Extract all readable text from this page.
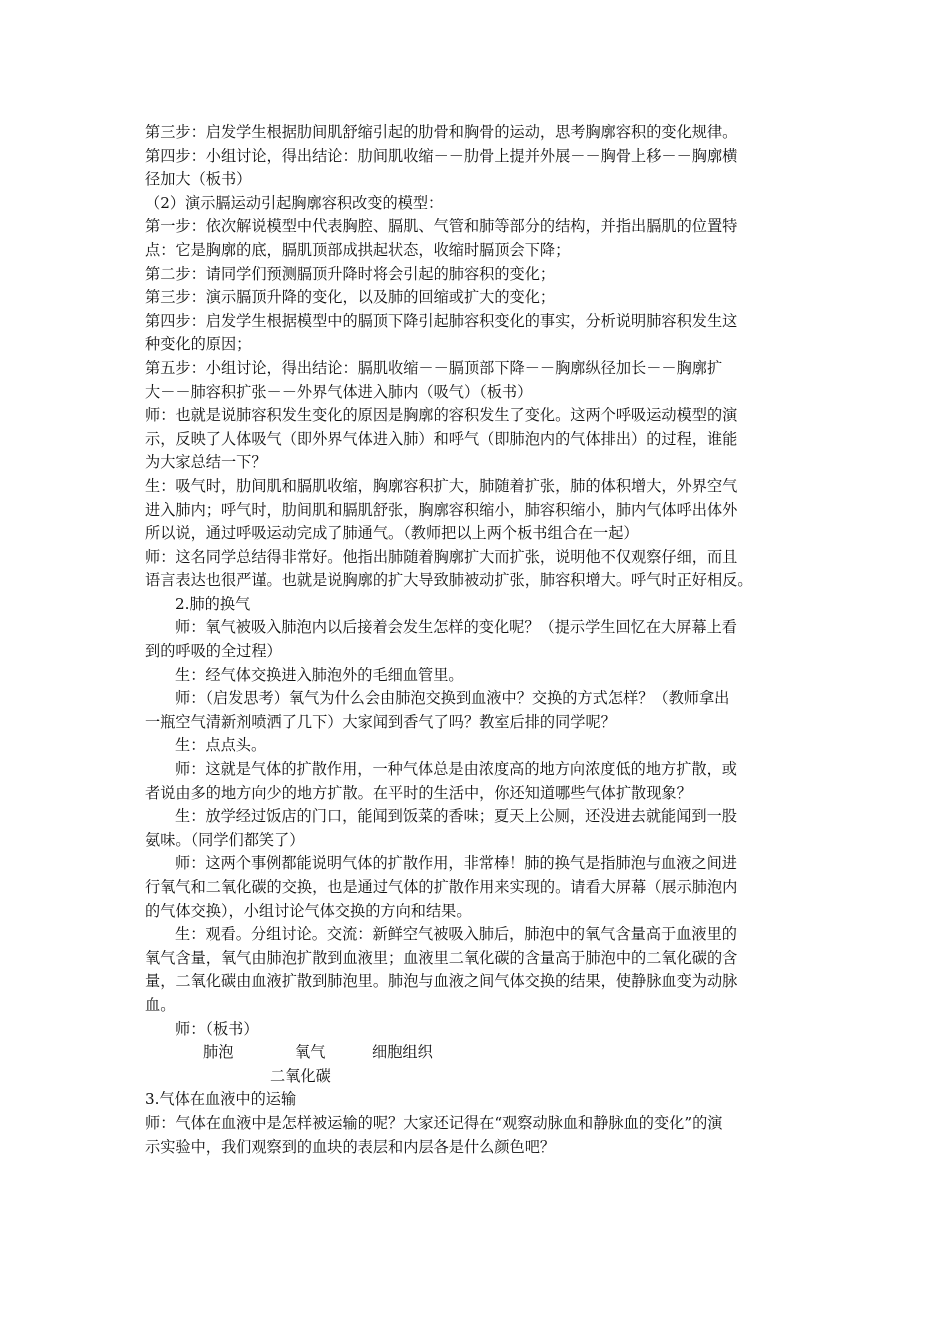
第三步：启发学生根据肋间肌舒缩引起的肋骨和胸骨的运动，思考胸廓容积的变化规律。
第四步：小组讨论，得出结论：肋间肌收缩－－肋骨上提并外展－－胸骨上移－－胸廓横
径加大（板书）
（2）演示膈运动引起胸廓容积改变的模型：
第一步：依次解说模型中代表胸腔、膈肌、气管和肺等部分的结构，并指出膈肌的位置特
点：它是胸廓的底，膈肌顶部成拱起状态，收缩时膈顶会下降；
第二步：请同学们预测膈顶升降时将会引起的肺容积的变化；
第三步：演示膈顶升降的变化，以及肺的回缩或扩大的变化；
第四步：启发学生根据模型中的膈顶下降引起肺容积变化的事实，分析说明肺容积发生这
种变化的原因；
第五步：小组讨论，得出结论：膈肌收缩－－膈顶部下降－－胸廓纵径加长－－胸廓扩
大－－肺容积扩张－－外界气体进入肺内（吸气）（板书）
师：也就是说肺容积发生变化的原因是胸廓的容积发生了变化。这两个呼吸运动模型的演
示，反映了人体吸气（即外界气体进入肺）和呼气（即肺泡内的气体排出）的过程，谁能
为大家总结一下？
生：吸气时，肋间肌和膈肌收缩，胸廓容积扩大，肺随着扩张，肺的体积增大，外界空气
进入肺内；呼气时，肋间肌和膈肌舒张，胸廓容积缩小，肺容积缩小，肺内气体呼出体外
所以说，通过呼吸运动完成了肺通气。（教师把以上两个板书组合在一起）
师：这名同学总结得非常好。他指出肺随着胸廓扩大而扩张，说明他不仅观察仔细，而且
语言表达也很严谨。也就是说胸廓的扩大导致肺被动扩张，肺容积增大。呼气时正好相反。
2.肺的换气
师：氧气被吸入肺泡内以后接着会发生怎样的变化呢？（提示学生回忆在大屏幕上看
到的呼吸的全过程）
生：经气体交换进入肺泡外的毛细血管里。
师：（启发思考）氧气为什么会由肺泡交换到血液中？交换的方式怎样？（教师拿出
一瓶空气清新剂喷洒了几下）大家闻到香气了吗？教室后排的同学呢？
生：点点头。
师：这就是气体的扩散作用，一种气体总是由浓度高的地方向浓度低的地方扩散，或
者说由多的地方向少的地方扩散。在平时的生活中，你还知道哪些气体扩散现象？
生：放学经过饭店的门口，能闻到饭菜的香味；夏天上公厕，还没进去就能闻到一股
氨味。（同学们都笑了）
师：这两个事例都能说明气体的扩散作用，非常棒！肺的换气是指肺泡与血液之间进
行氧气和二氧化碳的交换，也是通过气体的扩散作用来实现的。请看大屏幕（展示肺泡内
的气体交换），小组讨论气体交换的方向和结果。
生：观看。分组讨论。交流：新鲜空气被吸入肺后，肺泡中的氧气含量高于血液里的
氧气含量，氧气由肺泡扩散到血液里；血液里二氧化碳的含量高于肺泡中的二氧化碳的含
量，二氧化碳由血液扩散到肺泡里。肺泡与血液之间气体交换的结果，使静脉血变为动脉
血。
师：（板书）
肺泡	氧气	细胞组织
二氧化碳
3.气体在血液中的运输
师：气体在血液中是怎样被运输的呢？大家还记得在“观察动脉血和静脉血的变化”的演
示实验中，我们观察到的血块的表层和内层各是什么颜色吧？
